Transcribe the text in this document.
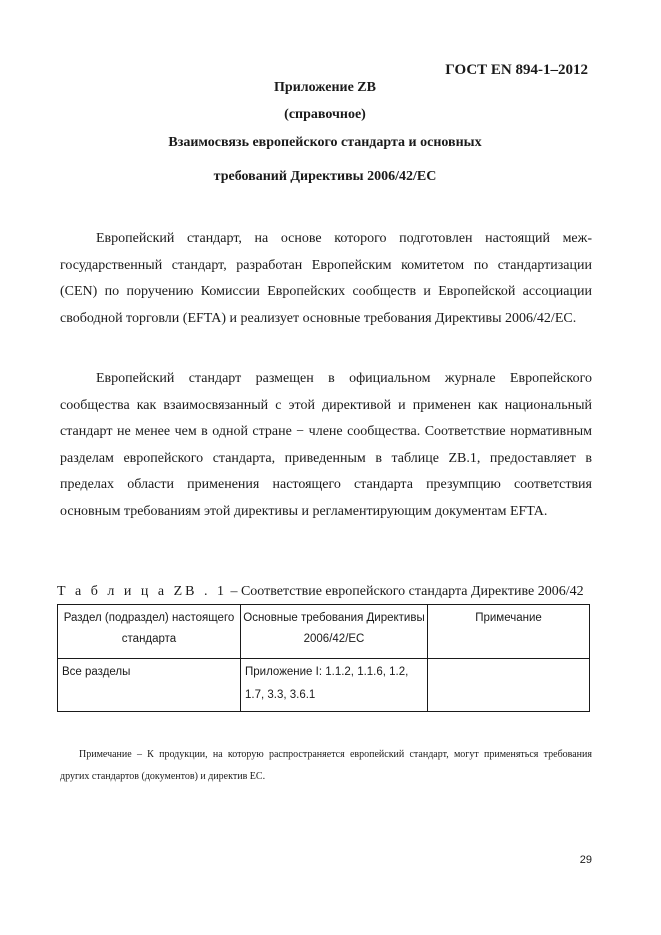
ГОСТ EN 894-1–2012
Приложение ZB
(справочное)
Взаимосвязь европейского стандарта и основных
требований Директивы 2006/42/ЕС
Европейский стандарт, на основе которого подготовлен настоящий межгосударственный стандарт, разработан Европейским комитетом по стандартизации (CEN) по поручению Комиссии Европейских сообществ и Европейской ассоциации свободной торговли (EFTA) и реализует основные требования Директивы 2006/42/ЕС.
Европейский стандарт размещен в официальном журнале Европейского сообщества как взаимосвязанный с этой директивой и применен как национальный стандарт не менее чем в одной стране − члене сообщества. Соответствие нормативным разделам европейского стандарта, приведенным в таблице ZB.1, предоставляет в пределах области применения настоящего стандарта презумпцию соответствия основным требованиям этой директивы и регламентирующим документам EFTA.
Т а б л и ц а ZB . 1 – Соответствие европейского стандарта Директиве 2006/42
Раздел (подраздел) настоящего стандарта	Основные требования Директивы 2006/42/ЕС	Примечание
Все разделы	Приложение I: 1.1.2, 1.1.6, 1.2, 1.7, 3.3, 3.6.1	
Примечание – К продукции, на которую распространяется европейский стандарт, могут применяться требования других стандартов (документов) и директив ЕС.
29
